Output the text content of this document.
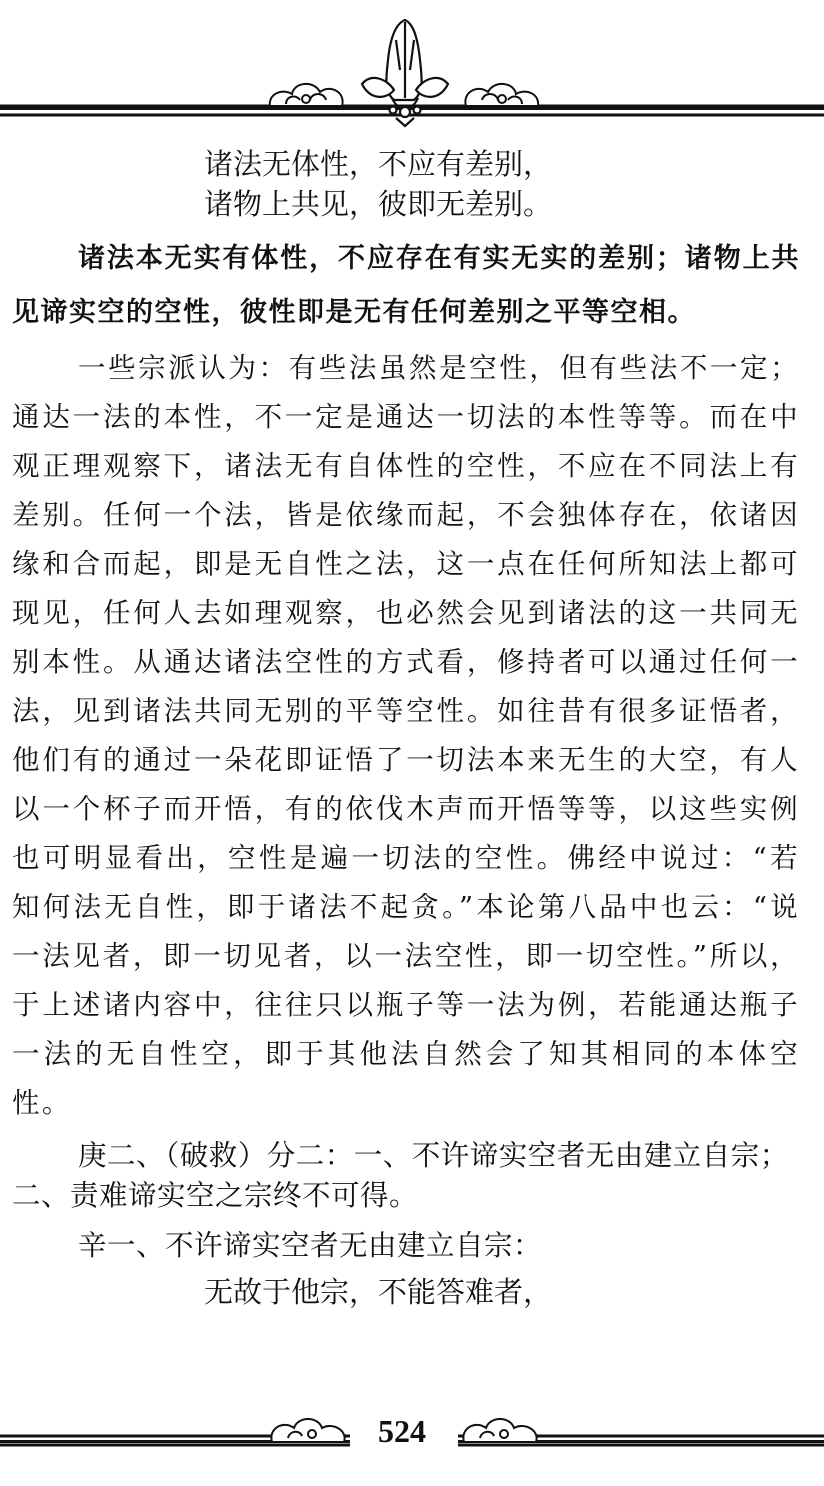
诸法无体性，不应有差别，

诸物上共见，彼即无差别。

诸法本无实有体性，不应存在有实无实的差别；诸物上共见谛实空的空性，彼性即是无有任何差别之平等空相。

一些宗派认为：有些法虽然是空性，但有些法不一定；通达一法的本性，不一定是通达一切法的本性等等。而在中观正理观察下，诸法无有自体性的空性，不应在不同法上有差别。任何一个法，皆是依缘而起，不会独体存在，依诸因缘和合而起，即是无自性之法，这一点在任何所知法上都可现见，任何人去如理观察，也必然会见到诸法的这一共同无别本性。从通达诸法空性的方式看，修持者可以通过任何一法，见到诸法共同无别的平等空性。如往昔有很多证悟者，他们有的通过一朵花即证悟了一切法本来无生的大空，有人以一个杯子而开悟，有的依伐木声而开悟等等，以这些实例也可明显看出，空性是遍一切法的空性。佛经中说过：“若知何法无自性，即于诸法不起贪。”本论第八品中也云：“说一法见者，即一切见者，以一法空性，即一切空性。”所以，于上述诸内容中，往往只以瓶子等一法为例，若能通达瓶子一法的无自性空，即于其他法自然会了知其相同的本体空性。

庚二、（破救）分二：一、不许谛实空者无由建立自宗；二、责难谛实空之宗终不可得。

辛一、不许谛实空者无由建立自宗：

无故于他宗，不能答难者，

524
